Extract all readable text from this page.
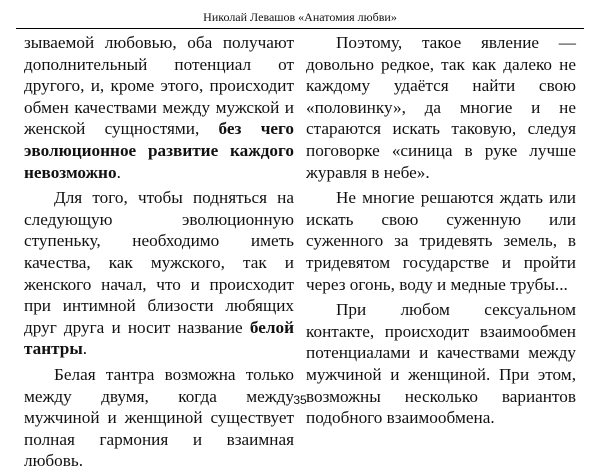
Николай Левашов «Анатомия любви»

зываемой любовью, оба получают дополнительный потенциал от другого, и, кроме этого, происходит обмен качествами между мужской и женской сущностями, без чего эволюционное развитие каждого невозможно.

Для того, чтобы подняться на следующую эволюционную ступеньку, необходимо иметь качества, как мужского, так и женского начал, что и происходит при интимной близости любящих друг друга и носит название белой тантры.

Белая тантра возможна только между двумя, когда между мужчиной и женщиной существует полная гармония и взаимная любовь.

Поэтому, такое явление — довольно редкое, так как далеко не каждому удаётся найти свою «половинку», да многие и не стараются искать таковую, следуя поговорке «синица в руке лучше журавля в небе».

Не многие решаются ждать или искать свою суженную или суженного за тридевять земель, в тридевятом государстве и пройти через огонь, воду и медные трубы...

При любом сексуальном контакте, происходит взаимообмен потенциалами и качествами между мужчиной и женщиной. При этом, возможны несколько вариантов подобного взаимообмена.

35
